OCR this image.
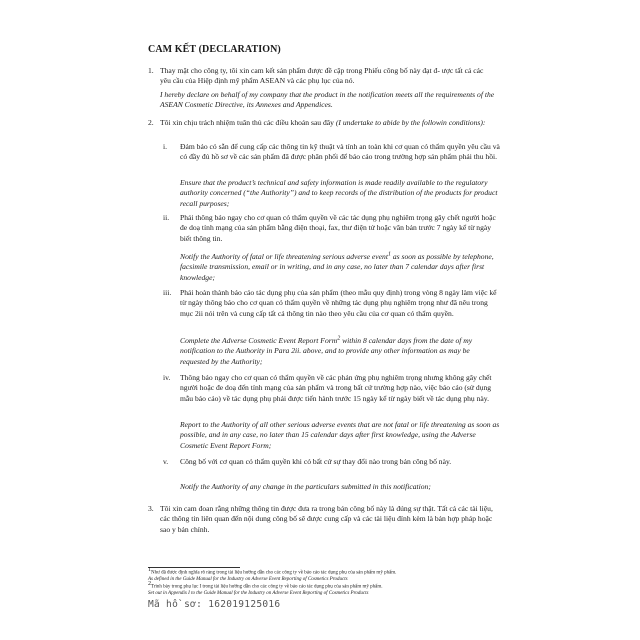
CAM KẾT (DECLARATION)
1. Thay mặt cho công ty, tôi xin cam kết sản phẩm được đề cập trong Phiếu công bố này đạt đ- ược tất cả các yêu cầu của Hiệp định mỹ phẩm ASEAN và các phụ lục của nó.
I hereby declare on behalf of my company that the product in the notification meets all the requirements of the ASEAN Cosmetic Directive, its Annexes and Appendices.
2. Tôi xin chịu trách nhiệm tuân thủ các điều khoản sau đây (I undertake to abide by the followin conditions):
i. Đảm bảo có sẵn để cung cấp các thông tin kỹ thuật và tính an toàn khi cơ quan có thẩm quyền yêu cầu và có đầy đủ hồ sơ về các sản phẩm đã được phân phối để báo cáo trong trường hợp sản phẩm phải thu hồi.
Ensure that the product’s technical and safety information is made readily available to the regulatory authority concerned (“the Authority”) and to keep records of the distribution of the products for product recall purposes;
ii. Phải thông báo ngay cho cơ quan có thẩm quyền về các tác dụng phụ nghiêm trọng gây chết người hoặc đe doạ tính mạng của sản phẩm bằng điện thoại, fax, thư điện tử hoặc văn bản trước 7 ngày kể từ ngày biết thông tin.
Notify the Authority of fatal or life threatening serious adverse event$^1$ as soon as possible by telephone, facsimile transmission, email or in writing, and in any case, no later than 7 calendar days after first knowledge;
iii. Phải hoàn thành báo cáo tác dụng phụ của sản phẩm (theo mẫu quy định) trong vòng 8 ngày làm việc kể từ ngày thông báo cho cơ quan có thẩm quyền về những tác dụng phụ nghiêm trọng như đã nêu trong mục 2ii nói trên và cung cấp tất cả thông tin nào theo yêu cầu của cơ quan có thẩm quyền.
Complete the Adverse Cosmetic Event Report Form$^2$ within 8 calendar days from the date of my notification to the Authority in Para 2ii. above, and to provide any other information as may be requested by the Authority;
iv. Thông báo ngay cho cơ quan có thẩm quyền về các phản ứng phụ nghiêm trọng nhưng không gây chết người hoặc đe doạ đến tính mạng của sản phẩm và trong bất cứ trường hợp nào, việc báo cáo (sử dụng mẫu báo cáo) về tác dụng phụ phải được tiến hành trước 15 ngày kể từ ngày biết về tác dụng phụ này.
Report to the Authority of all other serious adverse events that are not fatal or life threatening as soon as possible, and in any case, no later than 15 calendar days after first knowledge, using the Adverse Cosmetic Event Report Form;
v. Công bố với cơ quan có thẩm quyền khi có bất cứ sự thay đổi nào trong bản công bố này.
Notify the Authority of any change in the particulars submitted in this notification;
3. Tôi xin cam đoan rằng những thông tin được đưa ra trong bản công bố này là đúng sự thật. Tất cả các tài liệu, các thông tin liên quan đến nội dung công bố sẽ được cung cấp và các tài liệu đính kèm là bản hợp pháp hoặc sao y bản chính.
$^1$Như đã được định nghĩa rõ ràng trong tài liệu hướng dẫn cho các công ty về báo cáo tác dụng phụ của sản phẩm mỹ phẩm.
As defined in the Guide Manual for the Industry on Adverse Event Reporting of Cosmetics Products
$^2$Trình bày trong phụ lục I trong tài liệu hướng dẫn cho các công ty về báo cáo tác dụng phụ của sản phẩm mỹ phẩm.
Set out in Appendix I to the Guide Manual for the Industry on Adverse Event Reporting of Cosmetics Products
Mã hồ sơ: 162019125016
